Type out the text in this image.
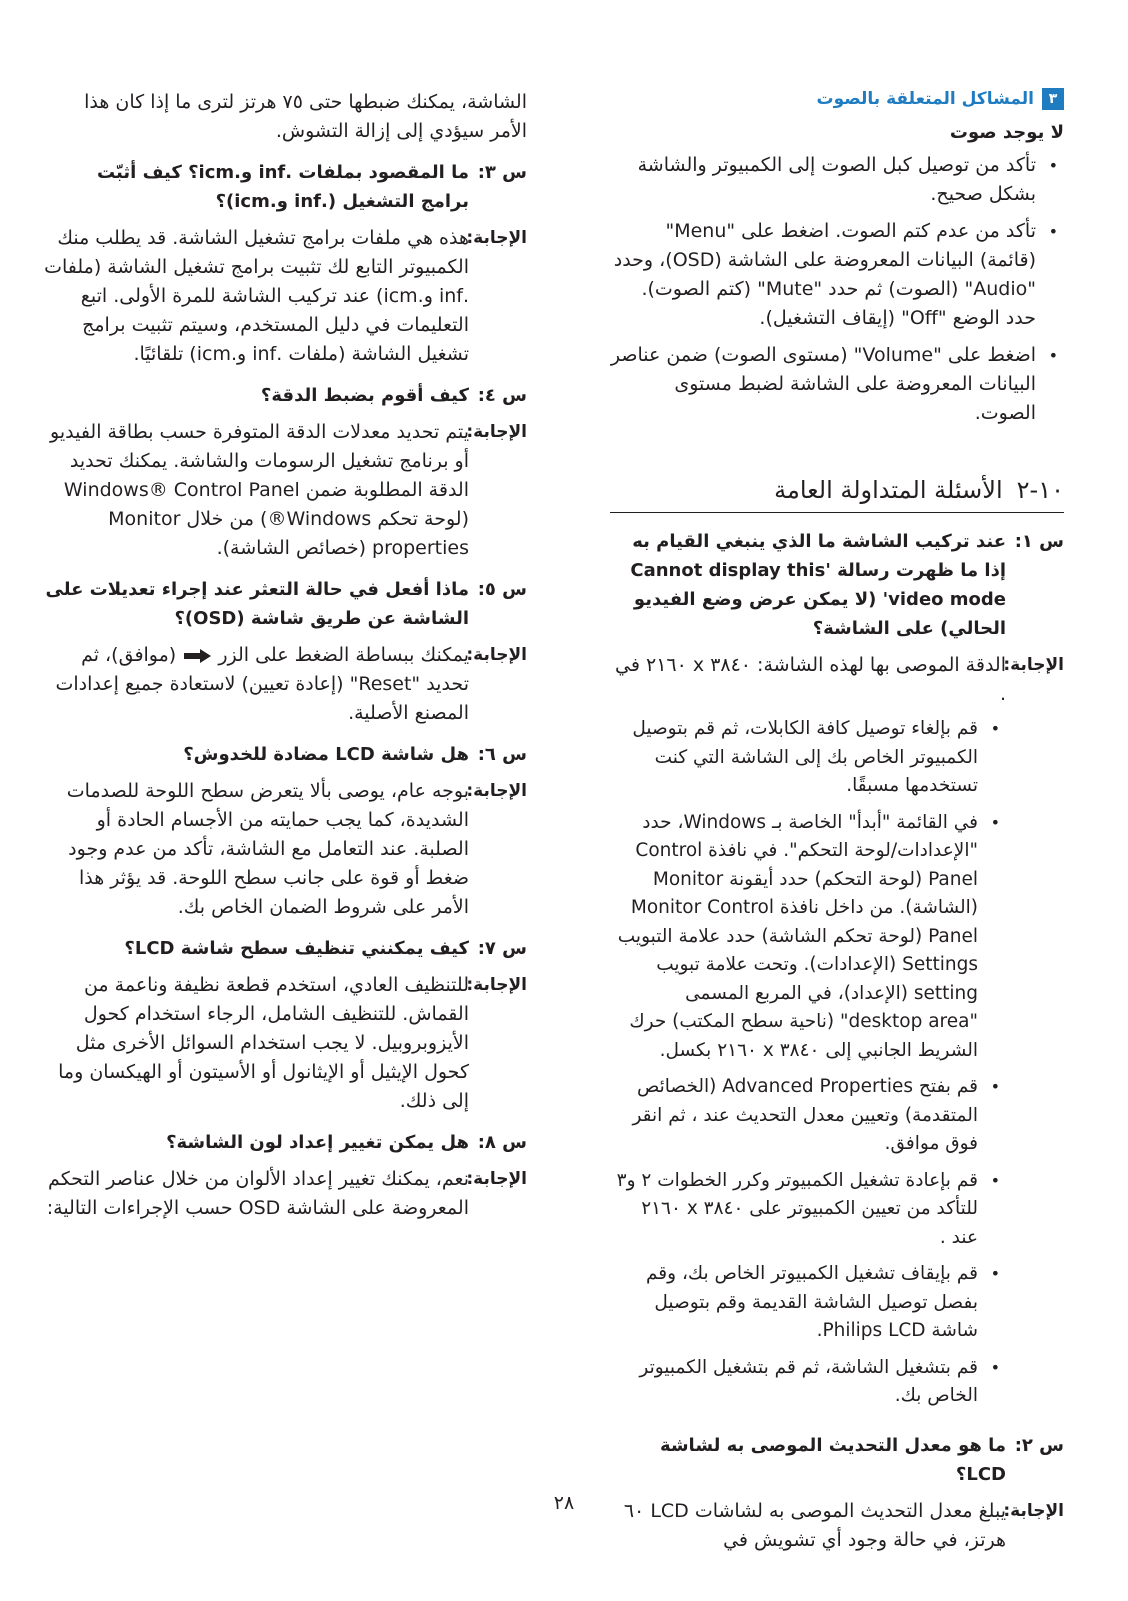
٣
المشاكل المتعلقة بالصوت
لا يوجد صوت
• تأكد من توصيل كبل الصوت إلى الكمبيوتر والشاشة بشكل صحيح.
• تأكد من عدم كتم الصوت. اضغط على "Menu" (قائمة) البيانات المعروضة على الشاشة (OSD)، وحدد "Audio" (الصوت) ثم حدد "Mute" (كتم الصوت). حدد الوضع "Off" (إيقاف التشغيل).
• اضغط على "Volume" (مستوى الصوت) ضمن عناصر البيانات المعروضة على الشاشة لضبط مستوى الصوت.
١٠-٢الأسئلة المتداولة العامة
س ١:
عند تركيب الشاشة ما الذي ينبغي القيام به إذا ما ظهرت رسالة 'Cannot display this video mode' (لا يمكن عرض وضع الفيديو الحالي) على الشاشة؟
الإجابة:
الدقة الموصى بها لهذه الشاشة: ٣٨٤٠ x ٢١٦٠ في .
• قم بإلغاء توصيل كافة الكابلات، ثم قم بتوصيل الكمبيوتر الخاص بك إلى الشاشة التي كنت تستخدمها مسبقًا.
• في القائمة "أبدأ" الخاصة بـ Windows، حدد "الإعدادات/لوحة التحكم". في نافذة Control Panel (لوحة التحكم) حدد أيقونة Monitor (الشاشة). من داخل نافذة Monitor Control Panel (لوحة تحكم الشاشة) حدد علامة التبويب Settings (الإعدادات). وتحت علامة تبويب setting (الإعداد)، في المربع المسمى "desktop area" (ناحية سطح المكتب) حرك الشريط الجانبي إلى ٣٨٤٠ x ٢١٦٠ بكسل.
• قم بفتح Advanced Properties (الخصائص المتقدمة) وتعيين معدل التحديث عند ، ثم انقر فوق موافق.
• قم بإعادة تشغيل الكمبيوتر وكرر الخطوات ٢ و٣ للتأكد من تعيين الكمبيوتر على ٣٨٤٠ x ٢١٦٠ عند .
• قم بإيقاف تشغيل الكمبيوتر الخاص بك، وقم بفصل توصيل الشاشة القديمة وقم بتوصيل شاشة Philips LCD.
• قم بتشغيل الشاشة، ثم قم بتشغيل الكمبيوتر الخاص بك.
س ٢:
ما هو معدل التحديث الموصى به لشاشة LCD؟
الإجابة:
يبلغ معدل التحديث الموصى به لشاشات LCD ٦٠ هرتز، في حالة وجود أي تشويش في
الشاشة، يمكنك ضبطها حتى ٧٥ هرتز لترى ما إذا كان هذا الأمر سيؤدي إلى إزالة التشوش.
س ٣:
ما المقصود بملفات .inf و.icm؟ كيف أثبّت برامج التشغيل (.inf و.icm)؟
الإجابة:
هذه هي ملفات برامج تشغيل الشاشة. قد يطلب منك الكمبيوتر التابع لك تثبيت برامج تشغيل الشاشة (ملفات .inf و.icm) عند تركيب الشاشة للمرة الأولى. اتبع التعليمات في دليل المستخدم، وسيتم تثبيت برامج تشغيل الشاشة (ملفات .inf و.icm) تلقائيًا.
س ٤:
كيف أقوم بضبط الدقة؟
الإجابة:
يتم تحديد معدلات الدقة المتوفرة حسب بطاقة الفيديو أو برنامج تشغيل الرسومات والشاشة. يمكنك تحديد الدقة المطلوبة ضمن Windows® Control Panel (لوحة تحكم Windows®) من خلال Monitor properties (خصائص الشاشة).
س ٥:
ماذا أفعل في حالة التعثر عند إجراء تعديلات على الشاشة عن طريق شاشة (OSD)؟
الإجابة:
يمكنك ببساطة الضغط على الزر  (موافق)، ثم تحديد "Reset" (إعادة تعيين) لاستعادة جميع إعدادات المصنع الأصلية.
س ٦:
هل شاشة LCD مضادة للخدوش؟
الإجابة:
بوجه عام، يوصى بألا يتعرض سطح اللوحة للصدمات الشديدة، كما يجب حمايته من الأجسام الحادة أو الصلبة. عند التعامل مع الشاشة، تأكد من عدم وجود ضغط أو قوة على جانب سطح اللوحة. قد يؤثر هذا الأمر على شروط الضمان الخاص بك.
س ٧:
كيف يمكنني تنظيف سطح شاشة LCD؟
الإجابة:
للتنظيف العادي، استخدم قطعة نظيفة وناعمة من القماش. للتنظيف الشامل، الرجاء استخدام كحول الأيزوبروبيل. لا يجب استخدام السوائل الأخرى مثل كحول الإيثيل أو الإيثانول أو الأسيتون أو الهيكسان وما إلى ذلك.
س ٨:
هل يمكن تغيير إعداد لون الشاشة؟
الإجابة:
نعم، يمكنك تغيير إعداد الألوان من خلال عناصر التحكم المعروضة على الشاشة OSD حسب الإجراءات التالية:
٢٨
